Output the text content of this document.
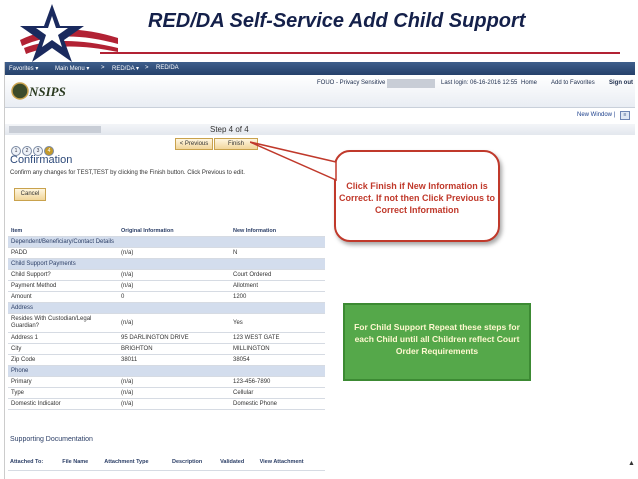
RED/DA Self-Service Add Child Support
Favorites ▾	Main Menu ▾ > RED/DA ▾ > RED/DA
NSIPS
FOUO - Privacy Sensitive	Last login: 06-16-2016 12:55 Home Add to Favorites Sign out
New Window |	≡
Step 4 of 4
1 2 3 4
< Previous	Finish
Confirmation
Confirm any changes for TEST,TEST by clicking the Finish button. Click Previous to edit.
Cancel
Item	Original Information	New Information
Dependent/Beneficiary/Contact Details		
PADD	(n/a)	N
Child Support Payments		
Child Support?	(n/a)	Court Ordered
Payment Method	(n/a)	Allotment
Amount	0	1200
Address		
Resides With Custodian/Legal Guardian?	(n/a)	Yes
Address 1	95 DARLINGTON DRIVE	123 WEST GATE
City	BRIGHTON	MILLINGTON
Zip Code	38011	38054
Phone		
Primary	(n/a)	123-456-7890
Type	(n/a)	Cellular
Domestic Indicator	(n/a)	Domestic Phone
Supporting Documentation
Attached To:	File Name	Attachment Type	Description	Validated	View Attachment
Click Finish if New Information is Correct. If not then Click Previous to Correct Information
For Child Support Repeat these steps for each Child until all Children reflect Court Order Requirements
▲
